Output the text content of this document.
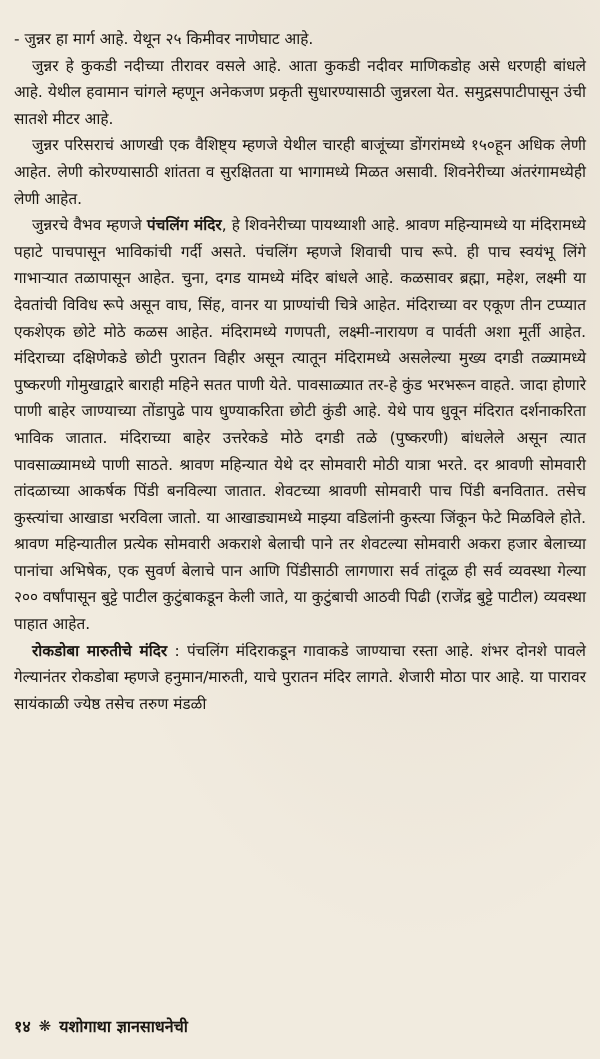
- जुन्नर हा मार्ग आहे. येथून २५ किमीवर नाणेघाट आहे.

जुन्नर हे कुकडी नदीच्या तीरावर वसले आहे. आता कुकडी नदीवर माणिकडोह असे धरणही बांधले आहे. येथील हवामान चांगले म्हणून अनेकजण प्रकृती सुधारण्यासाठी जुन्नरला येत. समुद्रसपाटीपासून उंची सातशे मीटर आहे.

जुन्नर परिसराचं आणखी एक वैशिष्ट्य म्हणजे येथील चारही बाजूंच्या डोंगरांमध्ये १५०हून अधिक लेणी आहेत. लेणी कोरण्यासाठी शांतता व सुरक्षितता या भागामध्ये मिळत असावी. शिवनेरीच्या अंतरंगामध्येही लेणी आहेत.

जुन्नरचे वैभव म्हणजे पंचलिंग मंदिर, हे शिवनेरीच्या पायथ्याशी आहे. श्रावण महिन्यामध्ये या मंदिरामध्ये पहाटे पाचपासून भाविकांची गर्दी असते. पंचलिंग म्हणजे शिवाची पाच रूपे. ही पाच स्वयंभू लिंगे गाभाऱ्यात तळापासून आहेत. चुना, दगड यामध्ये मंदिर बांधले आहे. कळसावर ब्रह्मा, महेश, लक्ष्मी या देवतांची विविध रूपे असून वाघ, सिंह, वानर या प्राण्यांची चित्रे आहेत. मंदिराच्या वर एकूण तीन टप्प्यात एकशेएक छोटे मोठे कळस आहेत. मंदिरामध्ये गणपती, लक्ष्मी-नारायण व पार्वती अशा मूर्ती आहेत. मंदिराच्या दक्षिणेकडे छोटी पुरातन विहीर असून त्यातून मंदिरामध्ये असलेल्या मुख्य दगडी तळ्यामध्ये पुष्करणी गोमुखाद्वारे बाराही महिने सतत पाणी येते. पावसाळ्यात तर-हे कुंड भरभरून वाहते. जादा होणारे पाणी बाहेर जाण्याच्या तोंडापुढे पाय धुण्याकरिता छोटी कुंडी आहे. येथे पाय धुवून मंदिरात दर्शनाकरिता भाविक जातात. मंदिराच्या बाहेर उत्तरेकडे मोठे दगडी तळे (पुष्करणी) बांधलेले असून त्यात पावसाळ्यामध्ये पाणी साठते. श्रावण महिन्यात येथे दर सोमवारी मोठी यात्रा भरते. दर श्रावणी सोमवारी तांदळाच्या आकर्षक पिंडी बनविल्या जातात. शेवटच्या श्रावणी सोमवारी पाच पिंडी बनवितात. तसेच कुस्त्यांचा आखाडा भरविला जातो. या आखाड्यामध्ये माझ्या वडिलांनी कुस्त्या जिंकून फेटे मिळविले होते. श्रावण महिन्यातील प्रत्येक सोमवारी अकराशे बेलाची पाने तर शेवटल्या सोमवारी अकरा हजार बेलाच्या पानांचा अभिषेक, एक सुवर्ण बेलाचे पान आणि पिंडीसाठी लागणारा सर्व तांदूळ ही सर्व व्यवस्था गेल्या २०० वर्षांपासून बुट्टे पाटील कुटुंबाकडून केली जाते, या कुटुंबाची आठवी पिढी (राजेंद्र बुट्टे पाटील) व्यवस्था पाहात आहेत.

रोकडोबा मारुतीचे मंदिर : पंचलिंग मंदिराकडून गावाकडे जाण्याचा रस्ता आहे. शंभर दोनशे पावले गेल्यानंतर रोकडोबा म्हणजे हनुमान/मारुती, याचे पुरातन मंदिर लागते. शेजारी मोठा पार आहे. या पारावर सायंकाळी ज्येष्ठ तसेच तरुण मंडळी

१४ ❋ यशोगाथा ज्ञानसाधनेची
